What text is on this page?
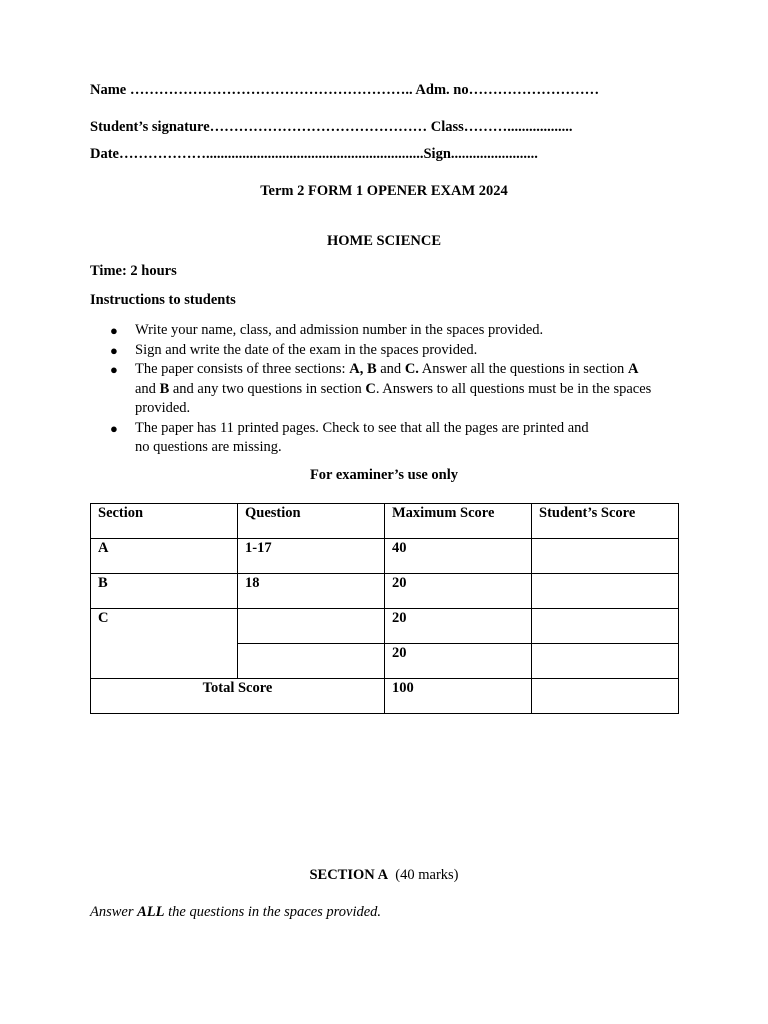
Name ………………………………………………….. Adm. no………………………
Student’s signature……………………………………… Class………..................
Date………………............................................................Sign........................
Term 2 FORM 1 OPENER EXAM 2024
HOME SCIENCE
Time: 2 hours
Instructions to students
● Write your name, class, and admission number in the spaces provided.
● Sign and write the date of the exam in the spaces provided.
● The paper consists of three sections: A, B and C. Answer all the questions in section A
and B and any two questions in section C. Answers to all questions must be in the spaces
provided.
● The paper has 11 printed pages. Check to see that all the pages are printed and
no questions are missing.
For examiner’s use only
Section	Question	Maximum Score	Student’s Score
A	1-17	40	
B	18	20	
C		20	
		20	
Total Score		100	
SECTION A (40 marks)
Answer ALL the questions in the spaces provided.
